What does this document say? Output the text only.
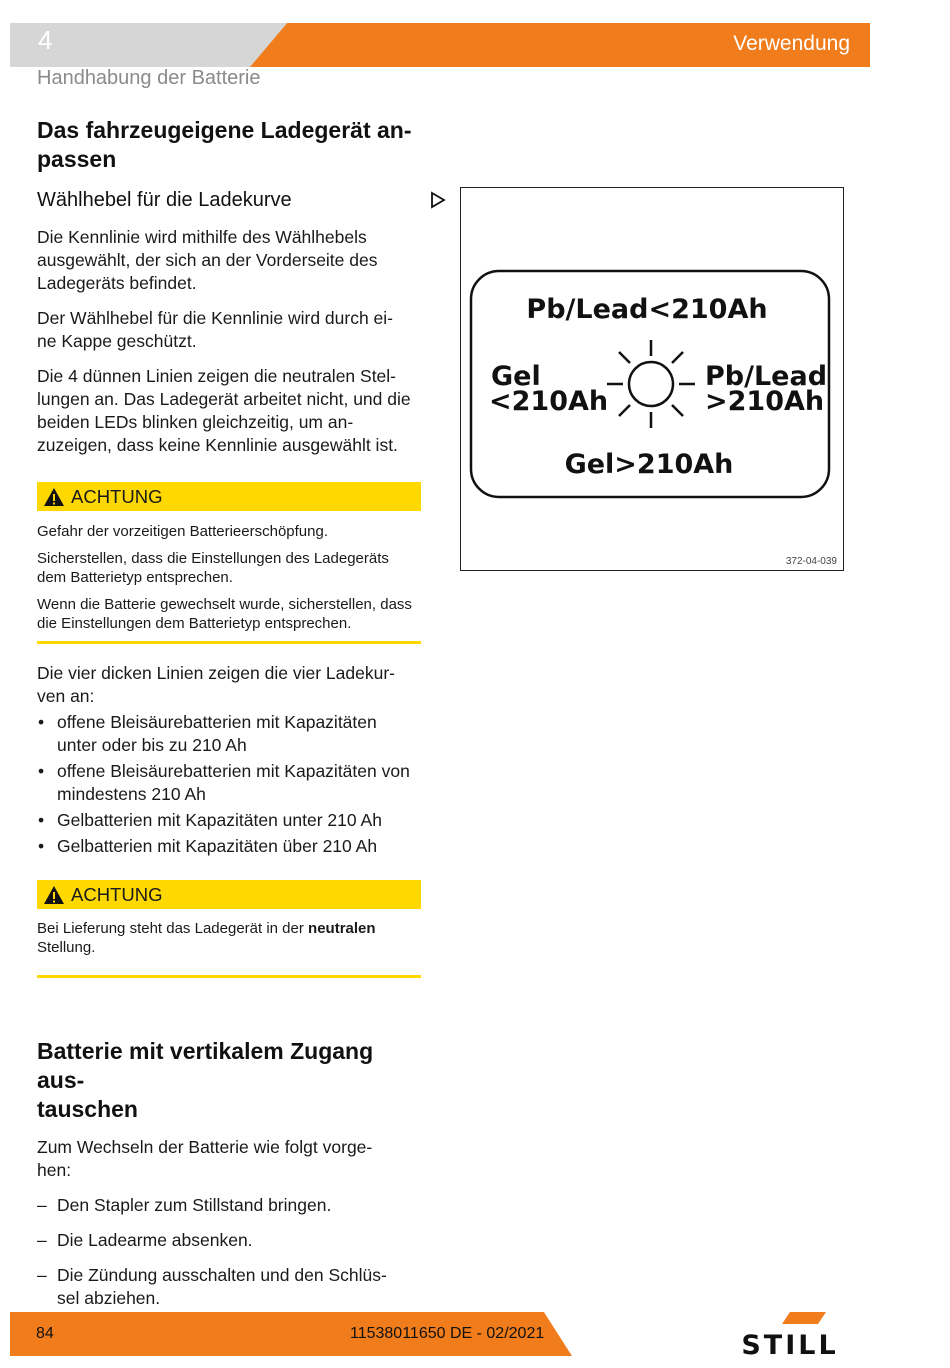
4	Verwendung
Handhabung der Batterie
Das fahrzeugeigene Ladegerät an-
passen
Wählhebel für die Ladekurve

Die Kennlinie wird mithilfe des Wählhebels ausgewählt, der sich an der Vorderseite des Ladegeräts befindet.

Der Wählhebel für die Kennlinie wird durch ei-
ne Kappe geschützt.

Die 4 dünnen Linien zeigen die neutralen Stel-
lungen an. Das Ladegerät arbeitet nicht, und die beiden LEDs blinken gleichzeitig, um an-
zuzeigen, dass keine Kennlinie ausgewählt ist.

ACHTUNG

Gefahr der vorzeitigen Batterieerschöpfung.

Sicherstellen, dass die Einstellungen des Ladegeräts dem Batterietyp entsprechen.

Wenn die Batterie gewechselt wurde, sicherstellen, dass die Einstellungen dem Batterietyp entsprechen.

Die vier dicken Linien zeigen die vier Ladekur-
ven an:

• offene Bleisäurebatterien mit Kapazitäten unter oder bis zu 210 Ah
• offene Bleisäurebatterien mit Kapazitäten von mindestens 210 Ah
• Gelbatterien mit Kapazitäten unter 210 Ah
• Gelbatterien mit Kapazitäten über 210 Ah
ACHTUNG

Bei Lieferung steht das Ladegerät in der neutralen Stellung.

Batterie mit vertikalem Zugang aus-
tauschen

Zum Wechseln der Batterie wie folgt vorge-
hen:

– Den Stapler zum Stillstand bringen.
– Die Ladearme absenken.
– Die Zündung ausschalten und den Schlüs-
sel abziehen.
Pb/Lead<210Ah
Gel
<210Ah
Pb/Lead
>210Ah
Gel>210Ah
372-04-039
84	11538011650 DE - 02/2021	STILL
